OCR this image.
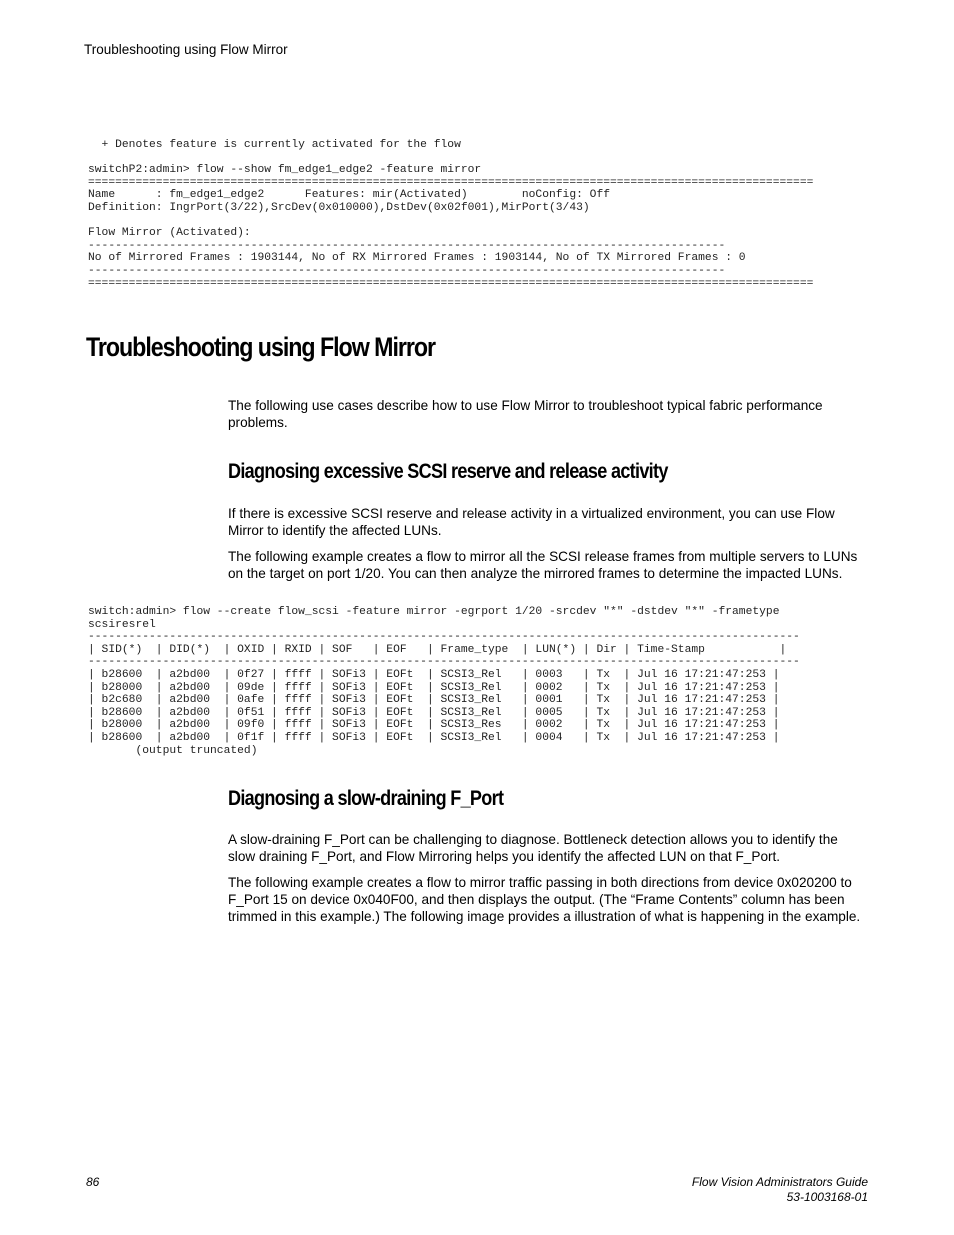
Troubleshooting using Flow Mirror
+ Denotes feature is currently activated for the flow

switchP2:admin> flow --show fm_edge1_edge2 -feature mirror
===========================================================================================================
Name      : fm_edge1_edge2      Features: mir(Activated)        noConfig: Off
Definition: IngrPort(3/22),SrcDev(0x010000),DstDev(0x02f001),MirPort(3/43)

Flow Mirror (Activated):
----------------------------------------------------------------------------------------------
No of Mirrored Frames : 1903144, No of RX Mirrored Frames : 1903144, No of TX Mirrored Frames : 0
----------------------------------------------------------------------------------------------
===========================================================================================================
Troubleshooting using Flow Mirror

The following use cases describe how to use Flow Mirror to troubleshoot typical fabric performance problems.

Diagnosing excessive SCSI reserve and release activity

If there is excessive SCSI reserve and release activity in a virtualized environment, you can use Flow Mirror to identify the affected LUNs.

The following example creates a flow to mirror all the SCSI release frames from multiple servers to LUNs on the target on port 1/20. You can then analyze the mirrored frames to determine the impacted LUNs.

switch:admin> flow --create flow_scsi -feature mirror -egrport 1/20 -srcdev "*" -dstdev "*" -frametype
scsiresrel
---------------------------------------------------------------------------------------------------------
| SID(*)  | DID(*)  | OXID | RXID | SOF   | EOF   | Frame_type  | LUN(*) | Dir | Time-Stamp           |
---------------------------------------------------------------------------------------------------------
| b28600  | a2bd00  | 0f27 | ffff | SOFi3 | EOFt  | SCSI3_Rel   | 0003   | Tx  | Jul 16 17:21:47:253 |
| b28000  | a2bd00  | 09de | ffff | SOFi3 | EOFt  | SCSI3_Rel   | 0002   | Tx  | Jul 16 17:21:47:253 |
| b2c680  | a2bd00  | 0afe | ffff | SOFi3 | EOFt  | SCSI3_Rel   | 0001   | Tx  | Jul 16 17:21:47:253 |
| b28600  | a2bd00  | 0f51 | ffff | SOFi3 | EOFt  | SCSI3_Rel   | 0005   | Tx  | Jul 16 17:21:47:253 |
| b28000  | a2bd00  | 09f0 | ffff | SOFi3 | EOFt  | SCSI3_Res   | 0002   | Tx  | Jul 16 17:21:47:253 |
| b28600  | a2bd00  | 0f1f | ffff | SOFi3 | EOFt  | SCSI3_Rel   | 0004   | Tx  | Jul 16 17:21:47:253 |
(output truncated)
Diagnosing a slow-draining F_Port

A slow-draining F_Port can be challenging to diagnose. Bottleneck detection allows you to identify the slow draining F_Port, and Flow Mirroring helps you identify the affected LUN on that F_Port.

The following example creates a flow to mirror traffic passing in both directions from device 0x020200 to F_Port 15 on device 0x040F00, and then displays the output. (The “Frame Contents” column has been trimmed in this example.) The following image provides a illustration of what is happening in the example.

86	Flow Vision Administrators Guide
53-1003168-01
